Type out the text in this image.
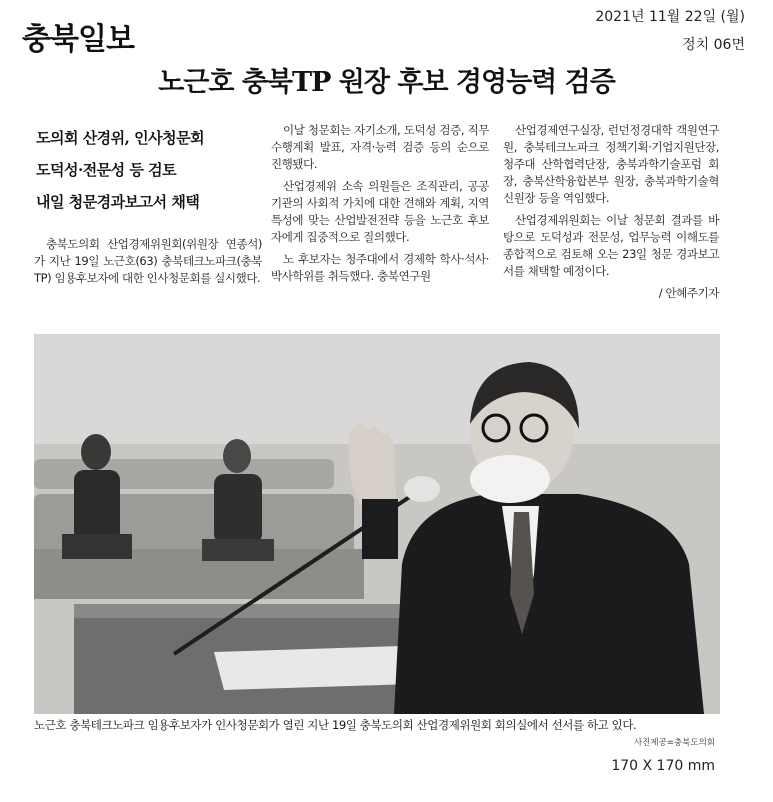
충북일보
2021년 11월 22일 (월)
정치 06면
노근호 충북TP 원장 후보 경영능력 검증
도의회 산경위, 인사청문회
도덕성·전문성 등 검토
내일 청문경과보고서 채택

충북도의회 산업경제위원회(위원장 연종석)가 지난 19일 노근호(63) 충북테크노파크(충북TP) 임용후보자에 대한 인사청문회를 실시했다.

이날 청문회는 자기소개, 도덕성 검증, 직무수행계획 발표, 자격·능력 검증 등의 순으로 진행됐다.

산업경제위 소속 의원들은 조직관리, 공공기관의 사회적 가치에 대한 견해와 계획, 지역특성에 맞는 산업발전전략 등을 노근호 후보자에게 집중적으로 질의했다.

노 후보자는 청주대에서 경제학 학사·석사·박사학위를 취득했다. 충북연구원

산업경제연구실장, 런던정경대학 객원연구원, 충북테크노파크 정책기획·기업지원단장, 청주대 산학협력단장, 충북과학기술포럼 회장, 충북산학융합본부 원장, 충북과학기술혁신원장 등을 역임했다.

산업경제위원회는 이날 청문회 결과를 바탕으로 도덕성과 전문성, 업무능력 이해도를 종합적으로 검토해 오는 23일 청문 경과보고서를 채택할 예정이다.

/ 안혜주기자

노근호 충북테크노파크 임용후보자가 인사청문회가 열린 지난 19일 충북도의회 산업경제위원회 회의실에서 선서를 하고 있다.
사진제공=충북도의회
170 X 170 mm
